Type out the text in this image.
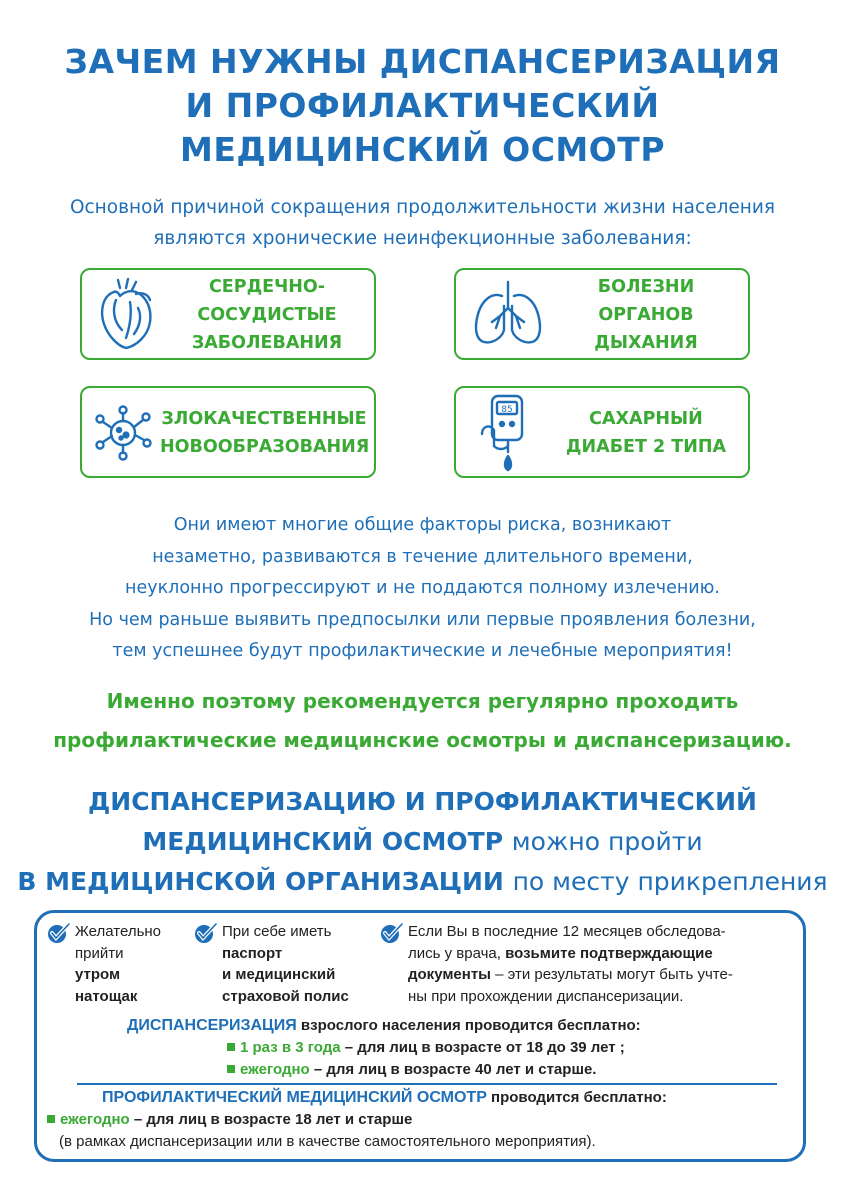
ЗАЧЕМ НУЖНЫ ДИСПАНСЕРИЗАЦИЯ
И ПРОФИЛАКТИЧЕСКИЙ
МЕДИЦИНСКИЙ ОСМОТР
Основной причиной сокращения продолжительности жизни населения
являются хронические неинфекционные заболевания:
СЕРДЕЧНО-
СОСУДИСТЫЕ
ЗАБОЛЕВАНИЯ
БОЛЕЗНИ
ОРГАНОВ
ДЫХАНИЯ
ЗЛОКАЧЕСТВЕННЫЕ
НОВООБРАЗОВАНИЯ
85	САХАРНЫЙ
ДИАБЕТ 2 ТИПА
Они имеют многие общие факторы риска, возникают
незаметно, развиваются в течение длительного времени,
неуклонно прогрессируют и не поддаются полному излечению.
Но чем раньше выявить предпосылки или первые проявления болезни,
тем успешнее будут профилактические и лечебные мероприятия!
Именно поэтому рекомендуется регулярно проходить
профилактические медицинские осмотры и диспансеризацию.
ДИСПАНСЕРИЗАЦИЮ И ПРОФИЛАКТИЧЕСКИЙ
МЕДИЦИНСКИЙ ОСМОТР можно пройти
В МЕДИЦИНСКОЙ ОРГАНИЗАЦИИ по месту прикрепления
Желательно
прийти
утром
натощак
При себе иметь
паспорт
и медицинский
страховой полис
Если Вы в последние 12 месяцев обследова-
лись у врача, возьмите подтверждающие
документы – эти результаты могут быть учте-
ны при прохождении диспансеризации.
ДИСПАНСЕРИЗАЦИЯ взрослого населения проводится бесплатно:
1 раз в 3 года – для лиц в возрасте от 18 до 39 лет ;
ежегодно – для лиц в возрасте 40 лет и старше.
ПРОФИЛАКТИЧЕСКИЙ МЕДИЦИНСКИЙ ОСМОТР проводится бесплатно:
ежегодно – для лиц в возрасте 18 лет и старше
(в рамках диспансеризации или в качестве самостоятельного мероприятия).
